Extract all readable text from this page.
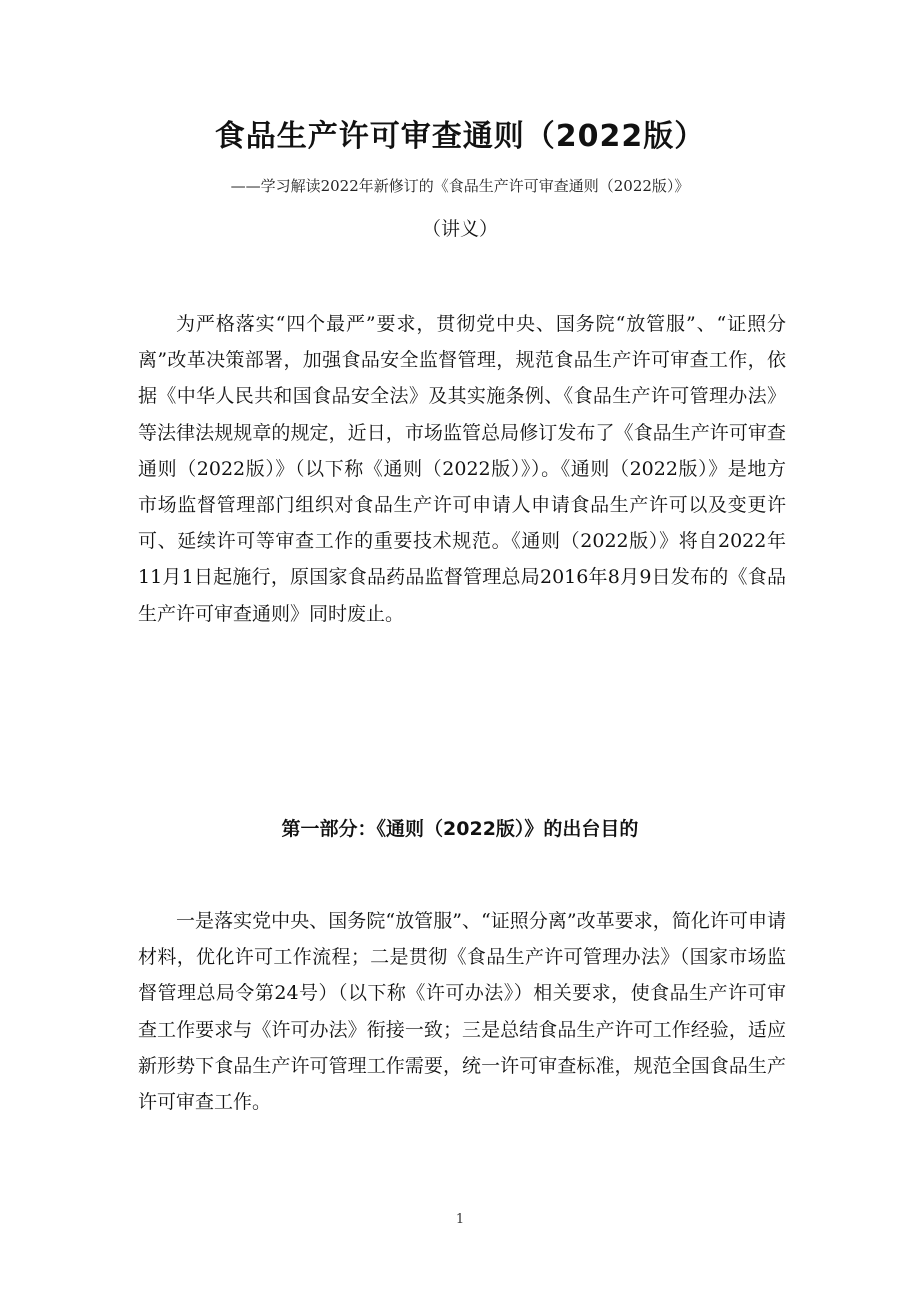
食品生产许可审查通则（2022版）
——学习解读2022年新修订的《食品生产许可审查通则（2022版）》
（讲义）

为严格落实“四个最严”要求，贯彻党中央、国务院“放管服”、“证照分离”改革决策部署，加强食品安全监督管理，规范食品生产许可审查工作，依据《中华人民共和国食品安全法》及其实施条例、《食品生产许可管理办法》等法律法规规章的规定，近日，市场监管总局修订发布了《食品生产许可审查通则（2022版）》（以下称《通则（2022版）》）。《通则（2022版）》是地方市场监督管理部门组织对食品生产许可申请人申请食品生产许可以及变更许可、延续许可等审查工作的重要技术规范。《通则（2022版）》将自2022年11月1日起施行，原国家食品药品监督管理总局2016年8月9日发布的《食品生产许可审查通则》同时废止。

第一部分：《通则（2022版）》的出台目的

一是落实党中央、国务院“放管服”、“证照分离”改革要求，简化许可申请材料，优化许可工作流程；二是贯彻《食品生产许可管理办法》（国家市场监督管理总局令第24号）（以下称《许可办法》）相关要求，使食品生产许可审查工作要求与《许可办法》衔接一致；三是总结食品生产许可工作经验，适应新形势下食品生产许可管理工作需要，统一许可审查标准，规范全国食品生产许可审查工作。

1
